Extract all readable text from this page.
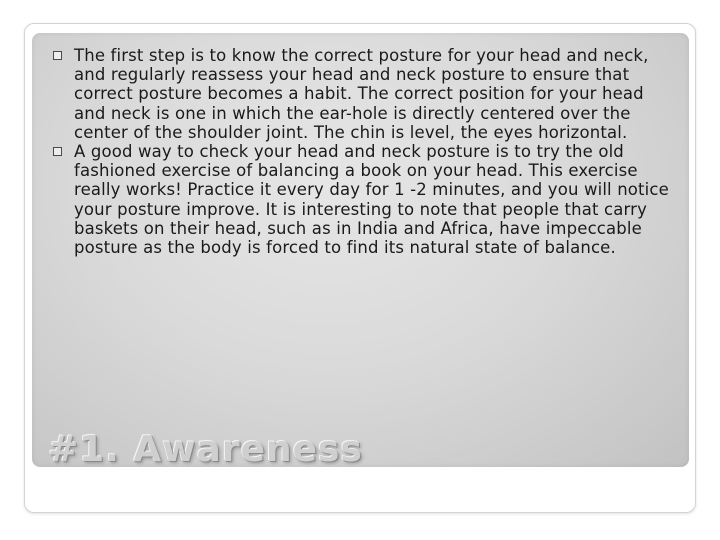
The first step is to know the correct posture for your head and neck, and regularly reassess your head and neck posture to ensure that correct posture becomes a habit. The correct position for your head and neck is one in which the ear-hole is directly centered over the center of the shoulder joint. The chin is level, the eyes horizontal.
A good way to check your head and neck posture is to try the old fashioned exercise of balancing a book on your head. This exercise really works! Practice it every day for 1 -2 minutes, and you will notice your posture improve. It is interesting to note that people that carry baskets on their head, such as in India and Africa, have impeccable posture as the body is forced to find its natural state of balance.
#1. Awareness
